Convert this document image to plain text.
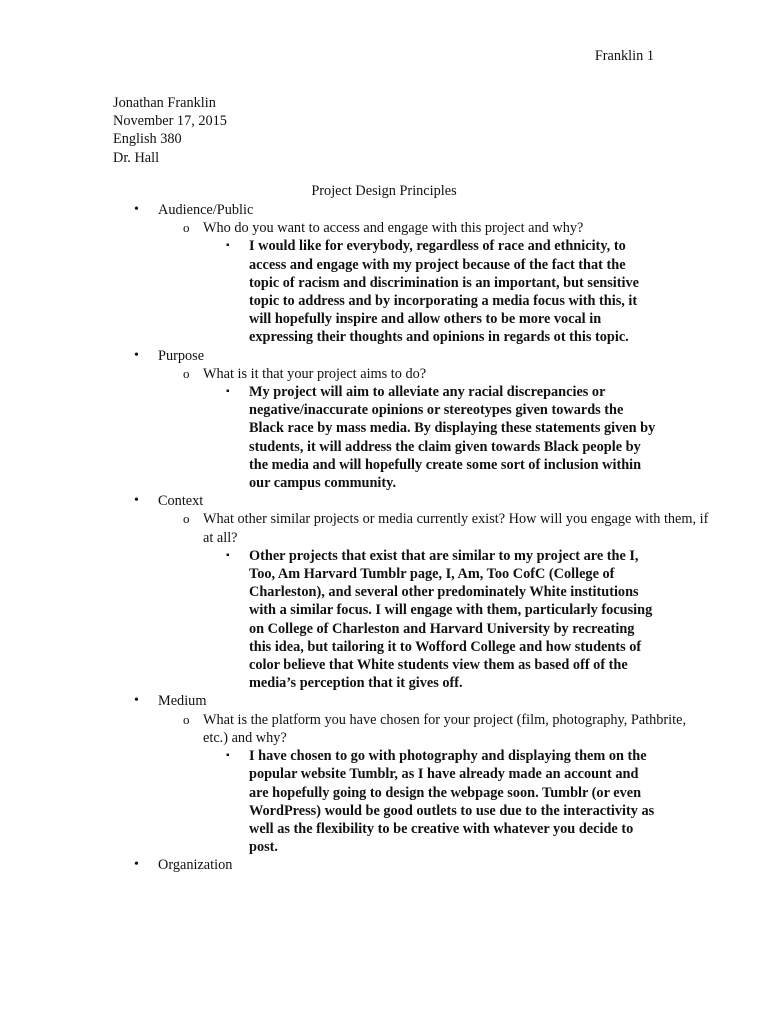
Franklin 1
Jonathan Franklin
November 17, 2015
English 380
Dr. Hall
Project Design Principles
• Audience/Public
o Who do you want to access and engage with this project and why?
▪ I would like for everybody, regardless of race and ethnicity, to access and engage with my project because of the fact that the topic of racism and discrimination is an important, but sensitive topic to address and by incorporating a media focus with this, it will hopefully inspire and allow others to be more vocal in expressing their thoughts and opinions in regards ot this topic.
• Purpose
o What is it that your project aims to do?
▪ My project will aim to alleviate any racial discrepancies or negative/inaccurate opinions or stereotypes given towards the Black race by mass media. By displaying these statements given by students, it will address the claim given towards Black people by the media and will hopefully create some sort of inclusion within our campus community.
• Context
o What other similar projects or media currently exist? How will you engage with them, if at all?
▪ Other projects that exist that are similar to my project are the I, Too, Am Harvard Tumblr page, I, Am, Too CofC (College of Charleston), and several other predominately White institutions with a similar focus. I will engage with them, particularly focusing on College of Charleston and Harvard University by recreating this idea, but tailoring it to Wofford College and how students of color believe that White students view them as based off of the media’s perception that it gives off.
• Medium
o What is the platform you have chosen for your project (film, photography, Pathbrite, etc.) and why?
▪ I have chosen to go with photography and displaying them on the popular website Tumblr, as I have already made an account and are hopefully going to design the webpage soon. Tumblr (or even WordPress) would be good outlets to use due to the interactivity as well as the flexibility to be creative with whatever you decide to post.
• Organization
